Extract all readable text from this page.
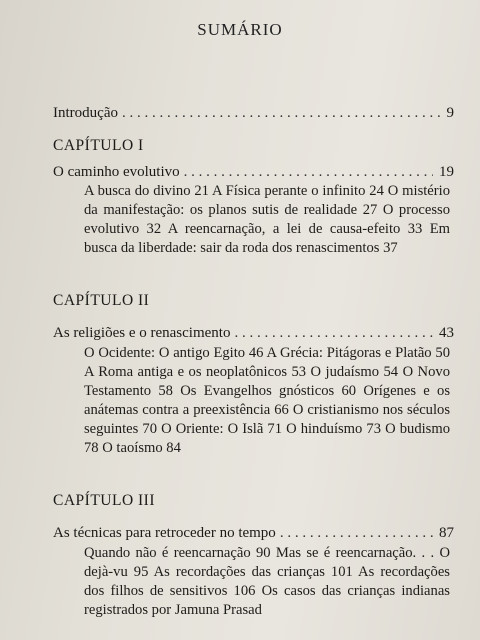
SUMÁRIO
Introdução . . .	9
CAPÍTULO I
O caminho evolutivo . . .	19
A busca do divino 21 A Física perante o infinito 24 O mistério da manifestação: os planos sutis de realidade 27 O processo evolutivo 32 A reencarnação, a lei de causa-efeito 33 Em busca da liberdade: sair da roda dos renascimentos 37
CAPÍTULO II
As religiões e o renascimento . . .	43
O Ocidente: O antigo Egito 46 A Grécia: Pitágoras e Platão 50 A Roma antiga e os neoplatônicos 53 O judaísmo 54 O Novo Testamento 58 Os Evangelhos gnósticos 60 Orígenes e os anátemas contra a preexistência 66 O cristianismo nos séculos seguintes 70 O Oriente: O Islã 71 O hinduísmo 73 O budismo 78 O taoísmo 84
CAPÍTULO III
As técnicas para retroceder no tempo . . .	87
Quando não é reencarnação 90 Mas se é reencarnação. . . O dejà-vu 95 As recordações das crianças 101 As recordações dos filhos de sensitivos 106 Os casos das crianças indianas registrados por Jamuna Prasad
